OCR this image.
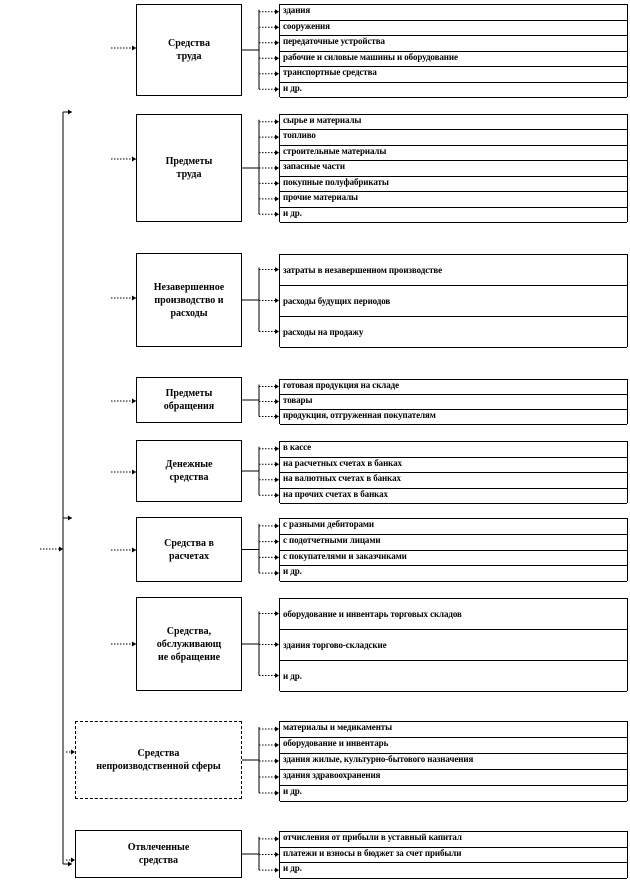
Средства
труда
здания
сооружения
передаточные устройства
рабочие и силовые машины и оборудование
транспортные средства
и др.
Предметы
труда
сырье и материалы
топливо
строительные материалы
запасные части
покупные полуфабрикаты
прочие материалы
и др.
Незавершенное
производство и
расходы
затраты в незавершенном производстве
расходы будущих периодов
расходы на продажу
Предметы
обращения
готовая продукция на складе
товары
продукция, отгруженная покупателям
Денежные
средства
в кассе
на расчетных счетах в банках
на валютных счетах в банках
на прочих счетах в банках
Средства в
расчетах
с разными дебиторами
с подотчетными лицами
с покупателями и заказчиками
и др.
Средства,
обслуживающ
ие обращение
оборудование и инвентарь торговых складов
здания торгово-складские
и др.
Средства
непроизводственной сферы
материалы и медикаменты
оборудование и инвентарь
здания жилые, культурно-бытового назначения
здания здравоохранения
и др.
Отвлеченные
средства
отчисления от прибыли в уставный капитал
платежи и взносы в бюджет за счет прибыли
и др.
